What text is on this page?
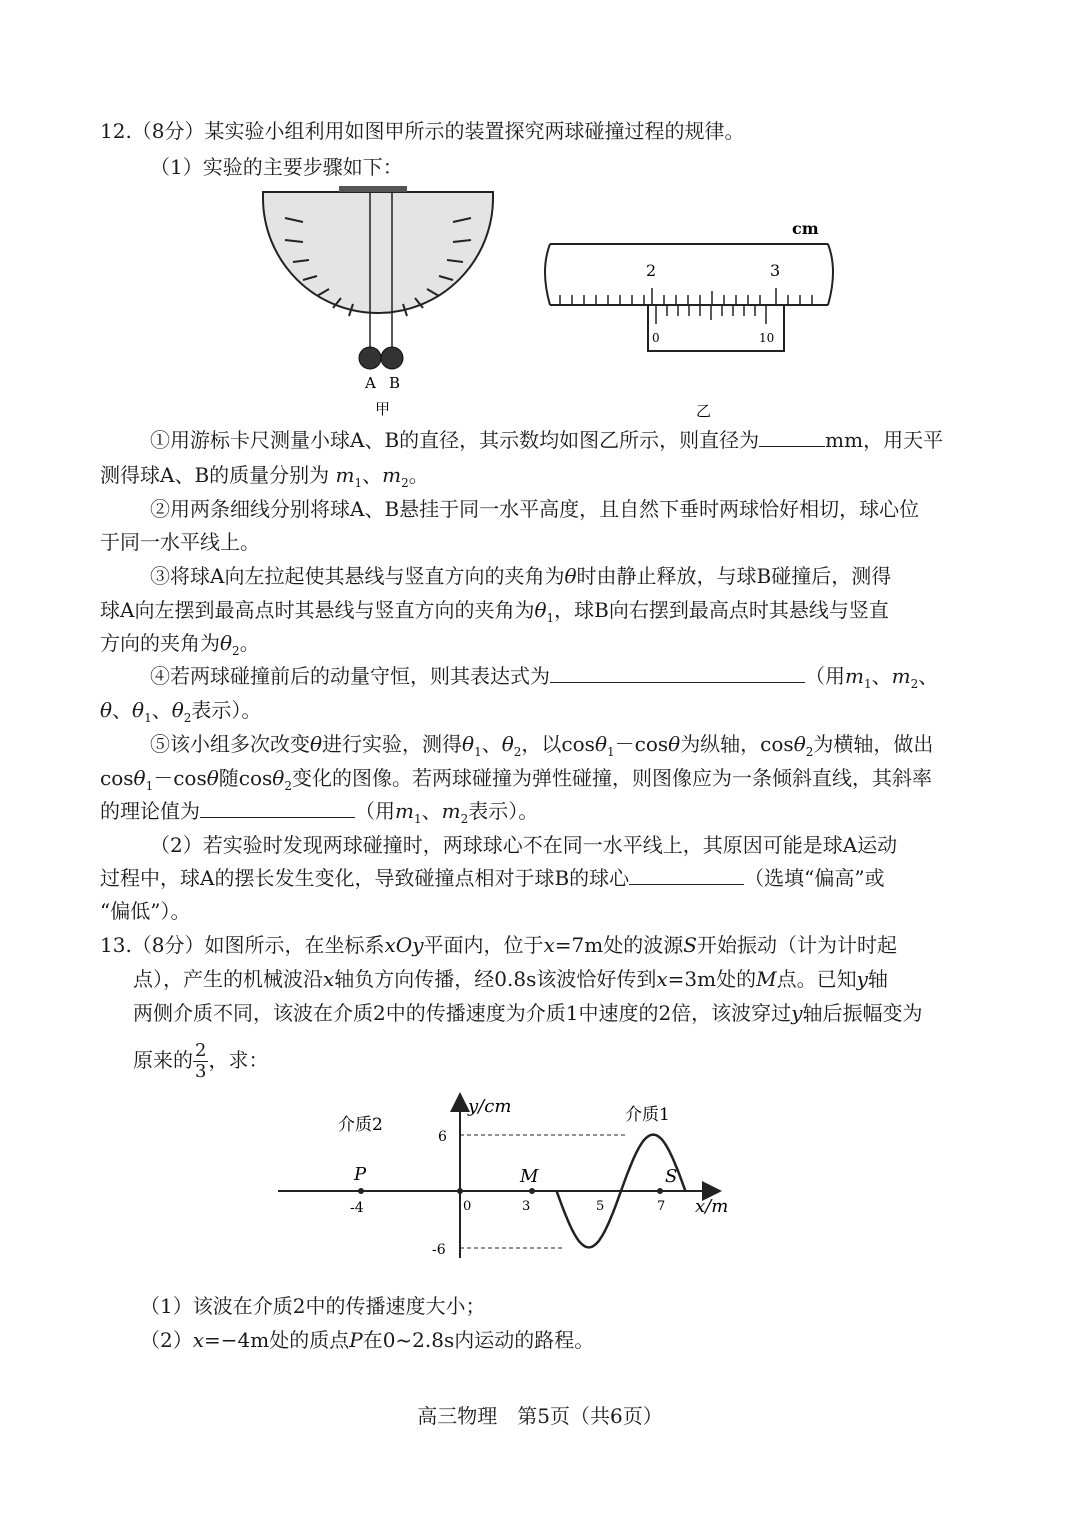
12.（8分）某实验小组利用如图甲所示的装置探究两球碰撞过程的规律。
（1）实验的主要步骤如下：
A B
甲
cm
2	3
0	10
乙
①用游标卡尺测量小球A、B的直径，其示数均如图乙所示，则直径为	mm，用天平
测得球A、B的质量分别为 $m_1$、$m_2$。
②用两条细线分别将球A、B悬挂于同一水平高度，且自然下垂时两球恰好相切，球心位
于同一水平线上。
③将球A向左拉起使其悬线与竖直方向的夹角为θ时由静止释放，与球B碰撞后，测得
球A向左摆到最高点时其悬线与竖直方向的夹角为$\theta_1$，球B向右摆到最高点时其悬线与竖直
方向的夹角为$\theta_2$。
④若两球碰撞前后的动量守恒，则其表达式为	（用$m_1$、$m_2$、
θ、$\theta_1$、$\theta_2$表示）。
⑤该小组多次改变θ进行实验，测得$\theta_1$、$\theta_2$，以cosθ$_1$－cosθ为纵轴，cosθ$_2$为横轴，做出
cosθ$_1$－cosθ随cosθ$_2$变化的图像。若两球碰撞为弹性碰撞，则图像应为一条倾斜直线，其斜率
的理论值为	（用$m_1$、$m_2$表示）。
（2）若实验时发现两球碰撞时，两球球心不在同一水平线上，其原因可能是球A运动
过程中，球A的摆长发生变化，导致碰撞点相对于球B的球心	（选填“偏高”或
“偏低”）。
13.（8分）如图所示，在坐标系xOy平面内，位于x=7m处的波源S开始振动（计为计时起
点），产生的机械波沿x轴负方向传播，经0.8s该波恰好传到x=3m处的M点。已知y轴
两侧介质不同，该波在介质2中的传播速度为介质1中速度的2倍，该波穿过y轴后振幅变为
原来的 $\frac{2}{3}$ ，求：
y/cm
x/m
介质2	介质1
6
-6
0
-4	3	5	7
P	M	S
（1）该波在介质2中的传播速度大小；
（2）x=−4m处的质点P在0~2.8s内运动的路程。
高三物理　第5页（共6页）
